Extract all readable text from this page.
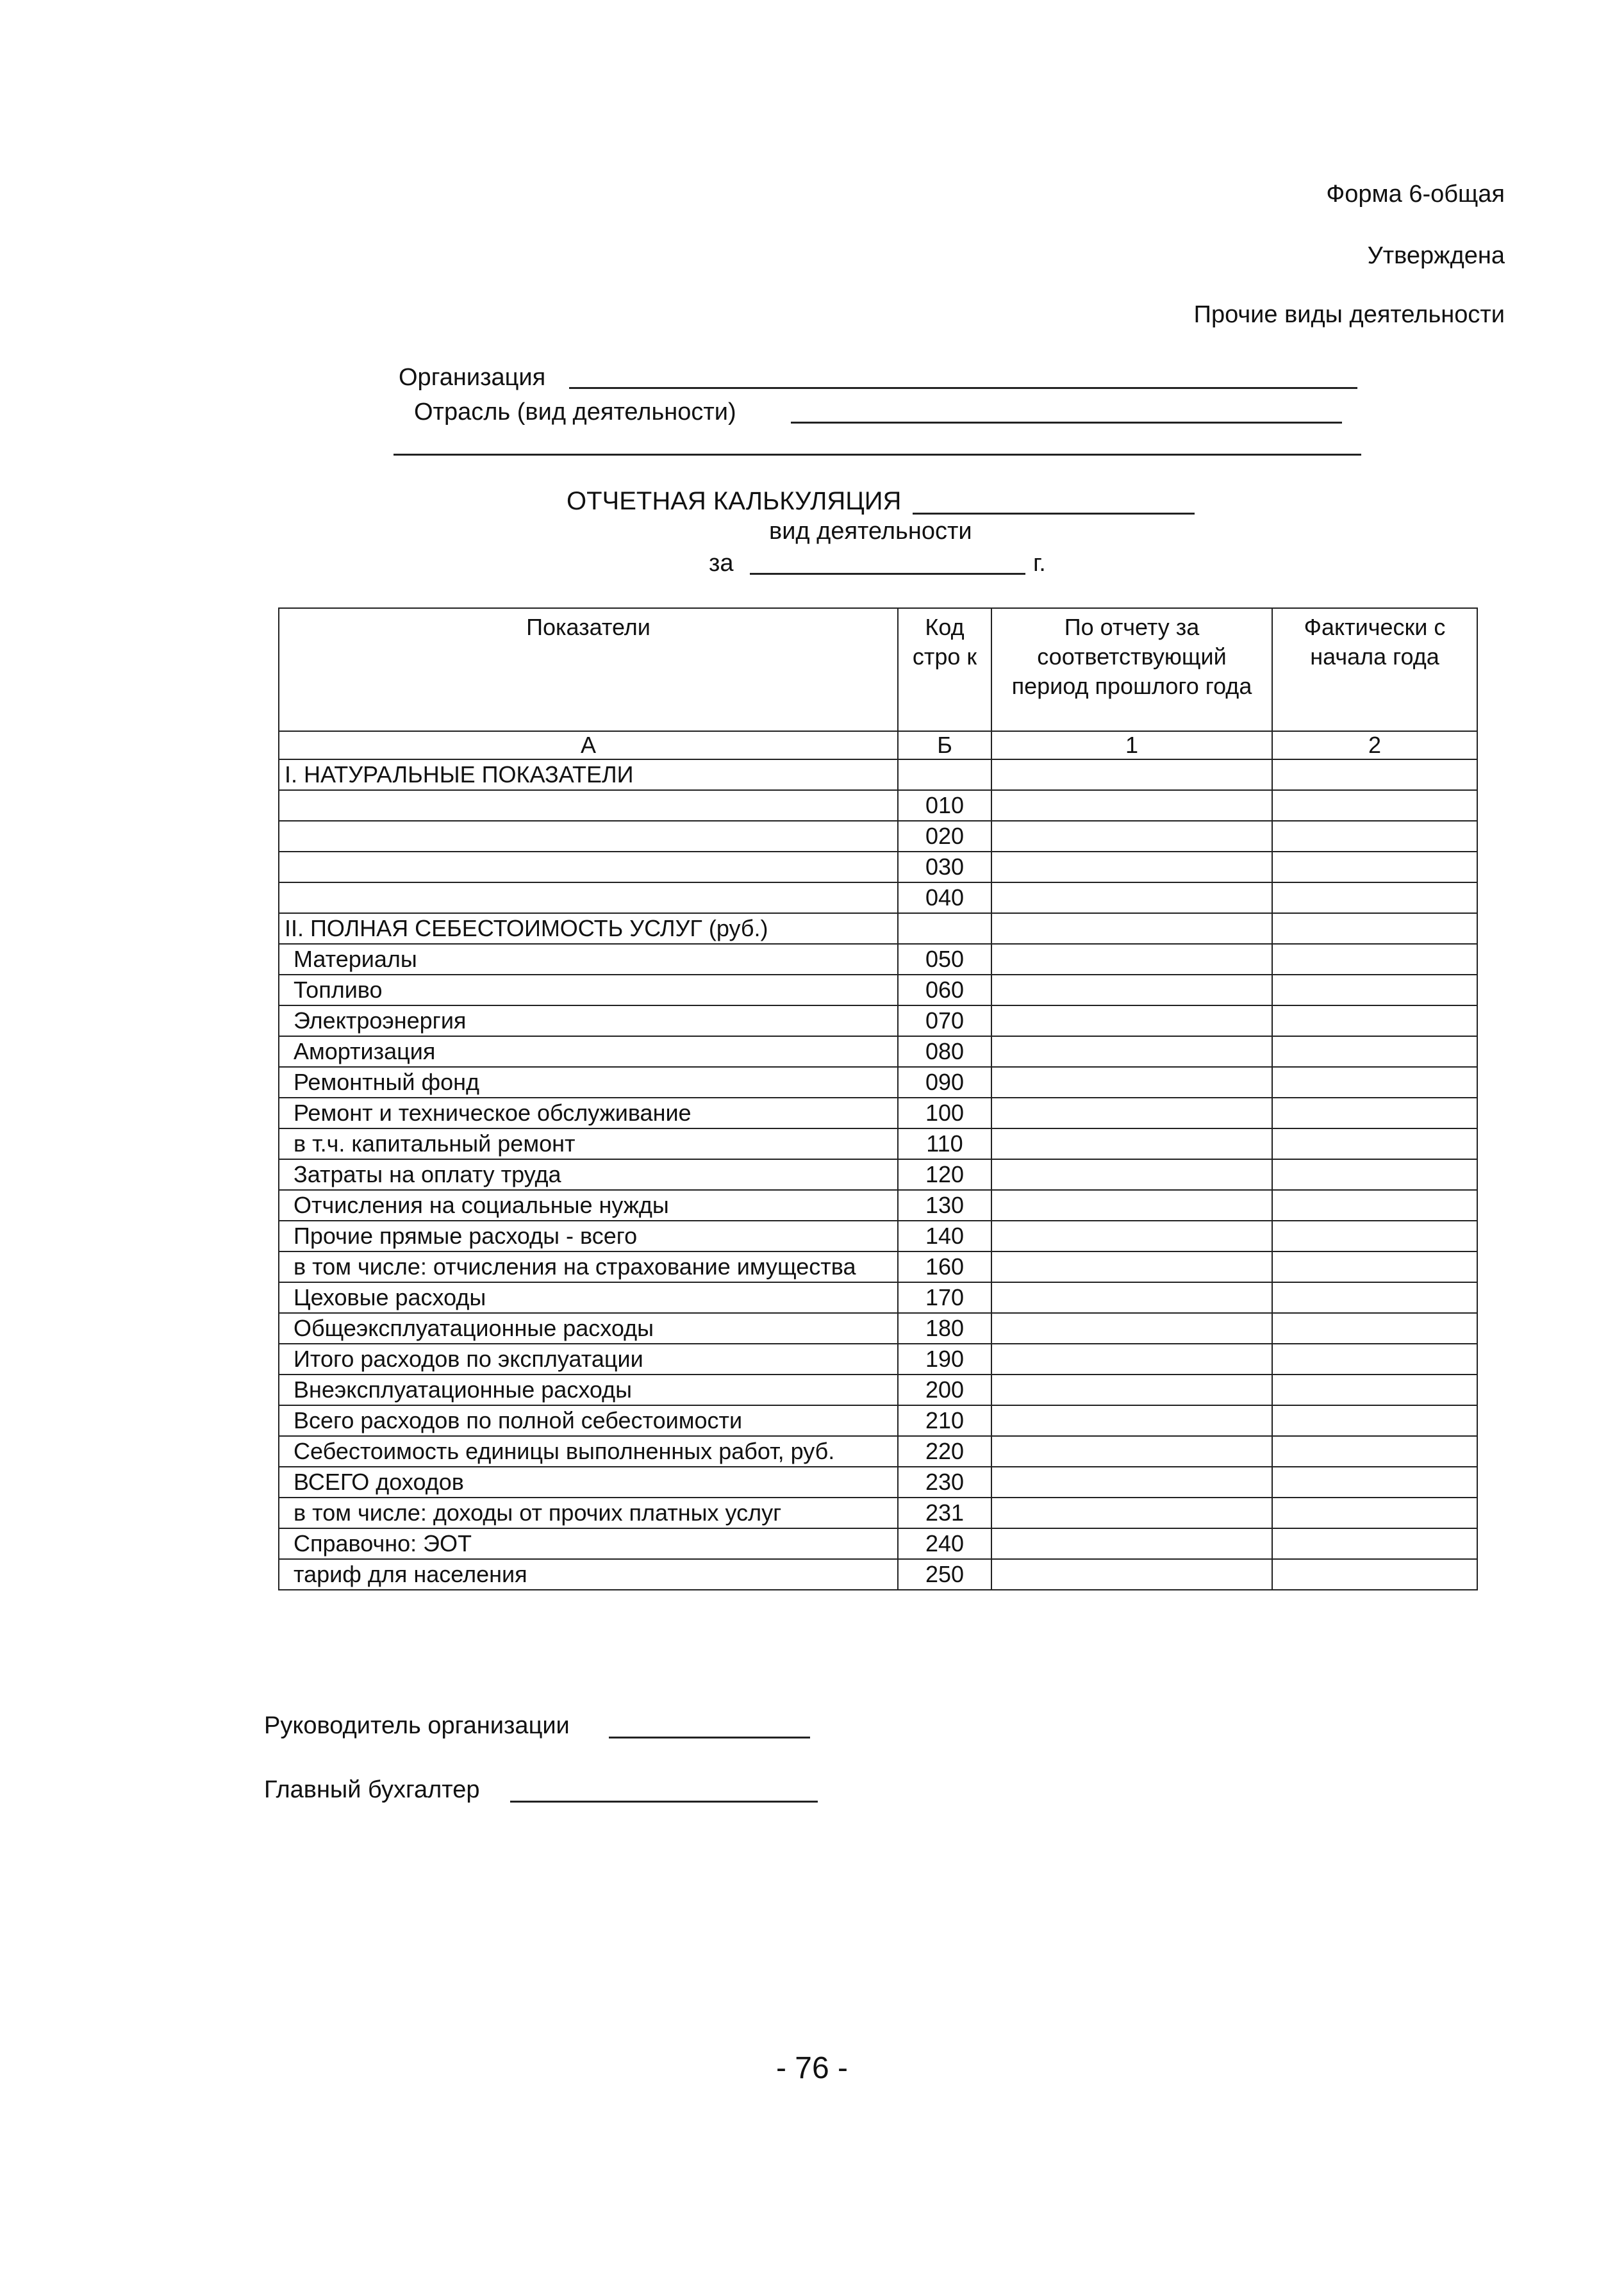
Форма 6-общая
Утверждена
Прочие виды деятельности
Организация
Отрасль (вид деятельности)
ОТЧЕТНАЯ КАЛЬКУЛЯЦИЯ
вид деятельности
за	г.
Показатели	Код стро к	По отчету за соответствующий период прошлого года	Фактически с начала года
А	Б	1	2
I. НАТУРАЛЬНЫЕ ПОКАЗАТЕЛИ			
	010		
	020		
	030		
	040		
II. ПОЛНАЯ СЕБЕСТОИМОСТЬ УСЛУГ (руб.)			
Материалы	050		
Топливо	060		
Электроэнергия	070		
Амортизация	080		
Ремонтный фонд	090		
Ремонт и техническое обслуживание	100		
в т.ч. капитальный ремонт	110		
Затраты на оплату труда	120		
Отчисления на социальные нужды	130		
Прочие прямые расходы - всего	140		
в том числе: отчисления на страхование имущества	160		
Цеховые расходы	170		
Общеэксплуатационные расходы	180		
Итого расходов по эксплуатации	190		
Внеэксплуатационные расходы	200		
Всего расходов по полной себестоимости	210		
Себестоимость единицы выполненных работ, руб.	220		
ВСЕГО доходов	230		
в том числе: доходы от прочих платных услуг	231		
Справочно: ЭОТ	240		
тариф для населения	250		
Руководитель организации
Главный бухгалтер
- 76 -
